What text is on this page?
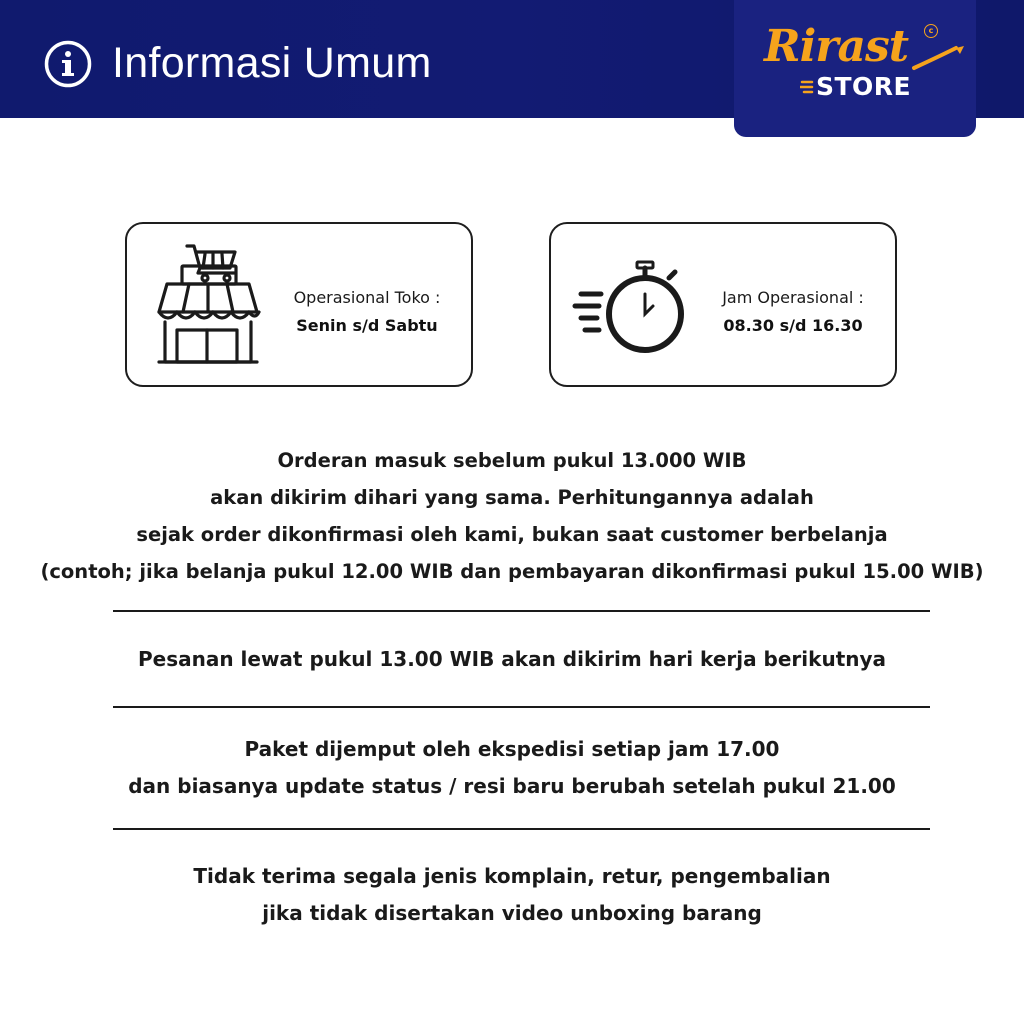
Informasi Umum	Rirast	c
STORE
Operasional Toko :
Senin s/d Sabtu
Jam Operasional :
08.30 s/d 16.30

Orderan masuk sebelum pukul 13.000 WIB
akan dikirim dihari yang sama. Perhitungannya adalah
sejak order dikonfirmasi oleh kami, bukan saat customer berbelanja
(contoh; jika belanja pukul 12.00 WIB dan pembayaran dikonfirmasi pukul 15.00 WIB)

Pesanan lewat pukul 13.00 WIB akan dikirim hari kerja berikutnya

Paket dijemput oleh ekspedisi setiap jam 17.00
dan biasanya update status / resi baru berubah setelah pukul 21.00

Tidak terima segala jenis komplain, retur, pengembalian
jika tidak disertakan video unboxing barang
